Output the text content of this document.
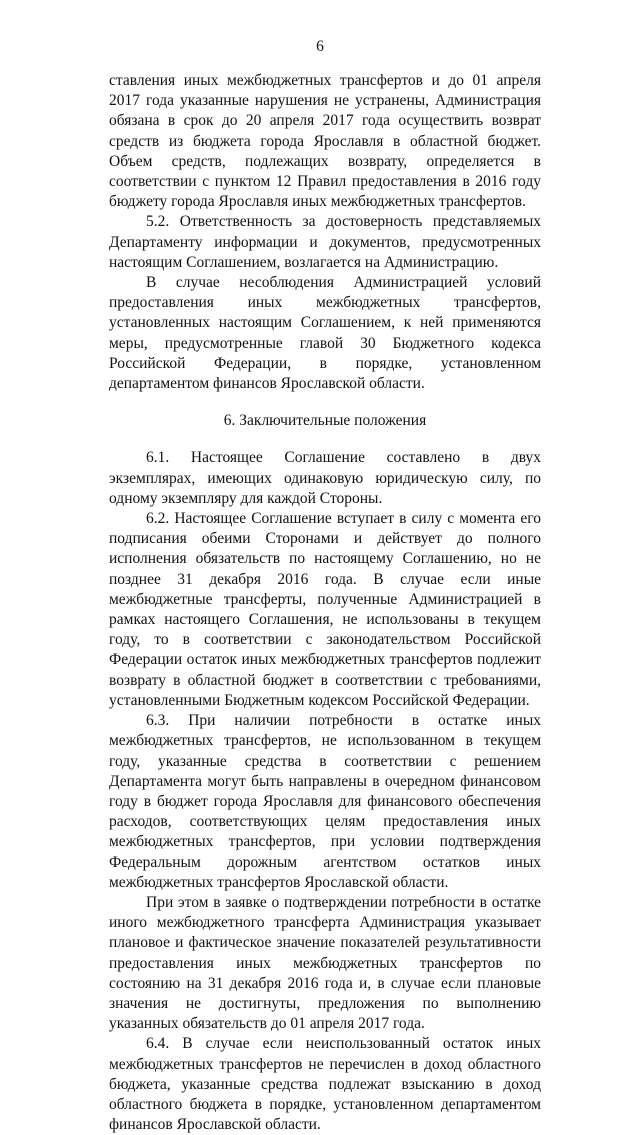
6

ставления иных межбюджетных трансфертов и до 01 апреля 2017 года указанные нарушения не устранены, Администрация обязана в срок до 20 апреля 2017 года осуществить возврат средств из бюджета города Ярославля в областной бюджет. Объем средств, подлежащих возврату, определяется в соответствии с пунктом 12 Правил предоставления в 2016 году бюджету города Ярославля иных межбюджетных трансфертов.

5.2. Ответственность за достоверность представляемых Департаменту информации и документов, предусмотренных настоящим Соглашением, возлагается на Администрацию.

В случае несоблюдения Администрацией условий предоставления иных межбюджетных трансфертов, установленных настоящим Соглашением, к ней применяются меры, предусмотренные главой 30 Бюджетного кодекса Российской Федерации, в порядке, установленном департаментом финансов Ярославской области.

6. Заключительные положения

6.1. Настоящее Соглашение составлено в двух экземплярах, имеющих одинаковую юридическую силу, по одному экземпляру для каждой Стороны.

6.2. Настоящее Соглашение вступает в силу с момента его подписания обеими Сторонами и действует до полного исполнения обязательств по настоящему Соглашению, но не позднее 31 декабря 2016 года. В случае если иные межбюджетные трансферты, полученные Администрацией в рамках настоящего Соглашения, не использованы в текущем году, то в соответствии с законодательством Российской Федерации остаток иных межбюджетных трансфертов подлежит возврату в областной бюджет в соответствии с требованиями, установленными Бюджетным кодексом Российской Федерации.

6.3. При наличии потребности в остатке иных межбюджетных трансфертов, не использованном в текущем году, указанные средства в соответствии с решением Департамента могут быть направлены в очередном финансовом году в бюджет города Ярославля для финансового обеспечения расходов, соответствующих целям предоставления иных межбюджетных трансфертов, при условии подтверждения Федеральным дорожным агентством остатков иных межбюджетных трансфертов Ярославской области.

При этом в заявке о подтверждении потребности в остатке иного межбюджетного трансферта Администрация указывает плановое и фактическое значение показателей результативности предоставления иных межбюджетных трансфертов по состоянию на 31 декабря 2016 года и, в случае если плановые значения не достигнуты, предложения по выполнению указанных обязательств до 01 апреля 2017 года.

6.4. В случае если неиспользованный остаток иных межбюджетных трансфертов не перечислен в доход областного бюджета, указанные средства подлежат взысканию в доход областного бюджета в порядке, установленном департаментом финансов Ярославской области.
